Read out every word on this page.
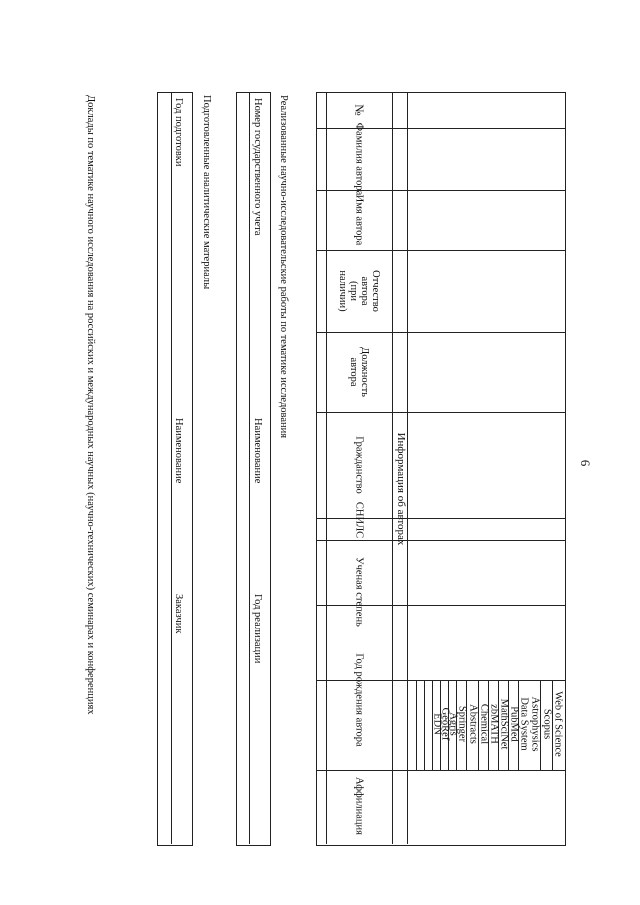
6
Информация об авторах
№
Фамилия автора
Имя автора
Отчество
автора
(при
наличии)
Должность
автора
Гражданство
СНИЛС
Ученая степень
Год рождения автора
Аффилиация
Web of Science
Scopus
Astrophysics
Data System
PubMed
MathSciNet
zbMATH
Chemical
Abstracts
Springer
Agris
GeoRef
EDN
Реализованные научно-исследовательские работы по тематике исследования
Номер государственного учета
Наименование
Год реализации
Подготовленные аналитические материалы
Год подготовки
Наименование
Заказчик
Доклады по тематике научного исследования на российских и международных научных (научно-технических) семинарах и конференциях
